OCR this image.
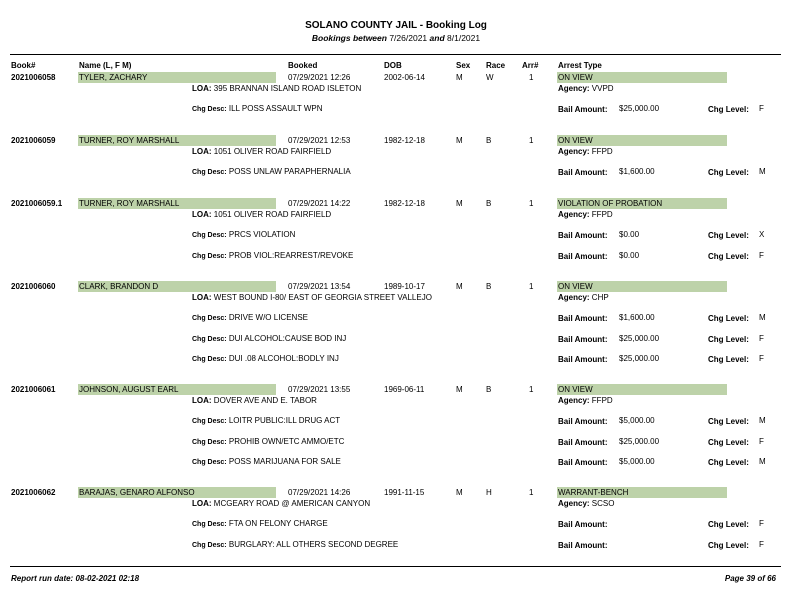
SOLANO COUNTY JAIL - Booking Log
Bookings between 7/26/2021 and 8/1/2021
Book#	Name (L, F M)	Booked	DOB	Sex Race Arr# Arrest Type
2021006058	TYLER, ZACHARY	07/29/2021 12:26	2002-06-14	M	W	1	ON VIEW
LOA: 395 BRANNAN ISLAND ROAD ISLETON	Agency: VVPD
Chg Desc: ILL POSS ASSAULT WPN	Bail Amount: $25,000.00	Chg Level: F
2021006059	TURNER, ROY MARSHALL	07/29/2021 12:53	1982-12-18	M	B	1	ON VIEW
LOA: 1051 OLIVER ROAD FAIRFIELD	Agency: FFPD
Chg Desc: POSS UNLAW PARAPHERNALIA	Bail Amount: $1,600.00	Chg Level: M
2021006059.1 TURNER, ROY MARSHALL	07/29/2021 14:22	1982-12-18	M	B	1	VIOLATION OF PROBATION
LOA: 1051 OLIVER ROAD FAIRFIELD	Agency: FFPD
Chg Desc: PRCS VIOLATION	Bail Amount: $0.00	Chg Level: X
Chg Desc: PROB VIOL:REARREST/REVOKE	Bail Amount: $0.00	Chg Level: F
2021006060	CLARK, BRANDON D	07/29/2021 13:54	1989-10-17	M	B	1	ON VIEW
LOA: WEST BOUND I-80/ EAST OF GEORGIA STREET VALLEJO	Agency: CHP
Chg Desc: DRIVE W/O LICENSE	Bail Amount: $1,600.00	Chg Level: M
Chg Desc: DUI ALCOHOL:CAUSE BOD INJ	Bail Amount: $25,000.00	Chg Level: F
Chg Desc: DUI .08 ALCOHOL:BODLY INJ	Bail Amount: $25,000.00	Chg Level: F
2021006061	JOHNSON, AUGUST EARL	07/29/2021 13:55	1969-06-11	M	B	1	ON VIEW
LOA: DOVER AVE AND E. TABOR	Agency: FFPD
Chg Desc: LOITR PUBLIC:ILL DRUG ACT	Bail Amount: $5,000.00	Chg Level: M
Chg Desc: PROHIB OWN/ETC AMMO/ETC	Bail Amount: $25,000.00	Chg Level: F
Chg Desc: POSS MARIJUANA FOR SALE	Bail Amount: $5,000.00	Chg Level: M
2021006062	BARAJAS, GENARO ALFONSO	07/29/2021 14:26	1991-11-15	M	H	1	WARRANT-BENCH
LOA: MCGEARY ROAD @ AMERICAN CANYON	Agency: SCSO
Chg Desc: FTA ON FELONY CHARGE	Bail Amount:	Chg Level: F
Chg Desc: BURGLARY: ALL OTHERS SECOND DEGREE	Bail Amount:	Chg Level: F
Report run date: 08-02-2021 02:18	Page 39 of 66
